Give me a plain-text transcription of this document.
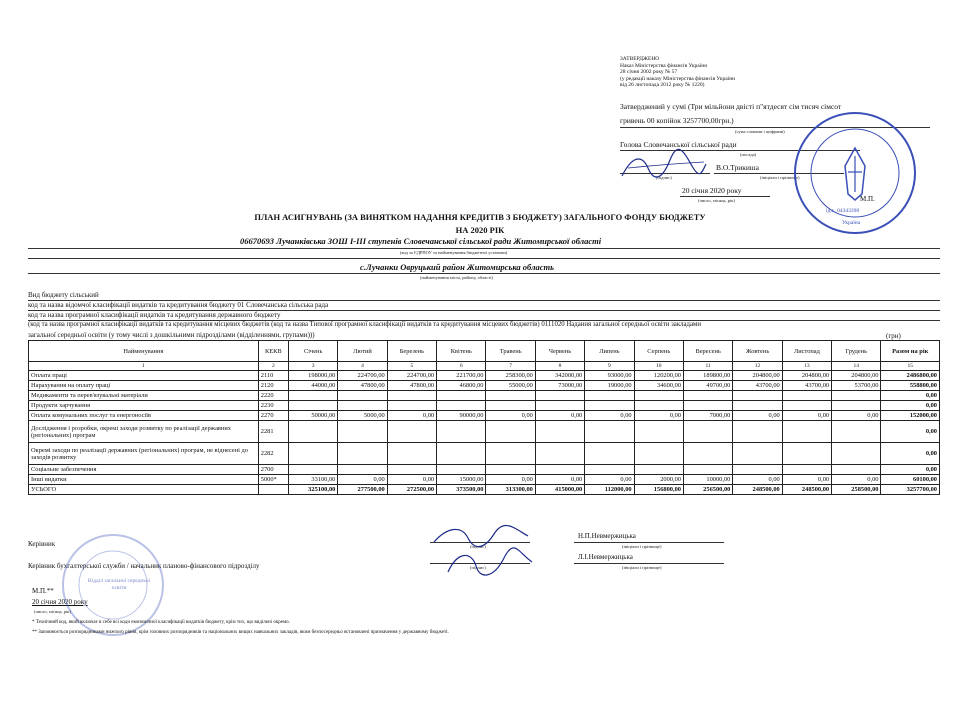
ЗАТВЕРДЖЕНО
Наказ Міністерства фінансів України
28 січня 2002 року № 57
(у редакції наказу Міністерства фінансів України
від 26 листопада 2012 року № 1220)
Затверджений у сумі (Три мільйони двісті п"ятдесят сім тисяч сімсот
гривень 00 копійок 3257700,00грн.)
(сума словами і цифрами)
Голова Словечанської сільської ради
(посада)
В.О.Трикиша
(підпис)	(ініціали і прізвище)
20 січня 2020 року
(число, місяць, рік)	М.П.
ід.к. 04343398
Україна
ПЛАН АСИГНУВАНЬ (ЗА ВИНЯТКОМ НАДАННЯ КРЕДИТІВ З БЮДЖЕТУ) ЗАГАЛЬНОГО ФОНДУ БЮДЖЕТУ
НА 2020 РІК
06670693 Лучанківська ЗОШ І-ІІІ ступенів Словечанської сільської ради Житомирської області
(код за ЄДРПОУ та найменування бюджетної установи)
с.Лучанки Овруцький район Житомирська область
(найменування міста, району, області)
Вид бюджету сільський
код та назва відомчої класифікації видатків та кредитування бюджету 01 Словечанська сільська рада
код та назва програмної класифікації видатків та кредитування державного бюджету
(код та назва програмної класифікації видатків та кредитування місцевих бюджетів (код та назва Типової програмної класифікації видатків та кредитування місцевих бюджетів) 0111020 Надання загальної середньої освіти закладами
загальної середньої освіти (у тому числі з дошкільними підрозділами (відділеннями, групами)))	(грн)
Найменування	КЕКВ	Січень	Лютий	Березень	Квітень	Травень	Червень	Липень	Серпень	Вересень	Жовтень	Листопад	Грудень	Разом на рік
1	2	3	4	5	6	7	8	9	10	11	12	13	14	15
Оплата праці	2110	198000,00	224700,00	224700,00	221700,00	258300,00	342000,00	93000,00	120200,00	189800,00	204800,00	204800,00	204800,00	2486800,00
Нарахування на оплату праці	2120	44000,00	47800,00	47800,00	46800,00	55000,00	73000,00	19000,00	34600,00	49700,00	43700,00	43700,00	53700,00	558800,00
Медикаменти та перев'язувальні матеріали	2220													0,00
Продукти харчування	2230													0,00
Оплата комунальних послуг та енергоносіїв	2270	50000,00	5000,00	0,00	90000,00	0,00	0,00	0,00	0,00	7000,00	0,00	0,00	0,00	152000,00
Дослідження і розробки, окремі заходи розвитку по реалізації державних (регіональних) програм	2281													0,00
Окремі заходи по реалізації державних (регіональних) програм, не віднесені до заходів розвитку	2282													0,00
Соціальне забезпечення	2700													0,00
Інші видатки	5000*	33100,00	0,00	0,00	15000,00	0,00	0,00	0,00	2000,00	10000,00	0,00	0,00	0,00	60100,00
УСЬОГО		325100,00	277500,00	272500,00	373500,00	313300,00	415000,00	112000,00	156800,00	256500,00	248500,00	248500,00	258500,00	3257700,00
Керівник
Н.П.Невмержицька
(підпис)	(ініціали і прізвище)
Керівник бухгалтерської служби / начальник планово-фінансового підрозділу
Л.І.Невмержицька
(підпис)	(ініціали і прізвище)
М.П.**
20 січня 2020 року
(число, місяць, рік)
Відділ загальної середньої освіти
* Технічний код, який включає в себе всі коди економічної класифікації видатків бюджету, крім тих, що виділені окремо.
** Заповнюється розпорядниками нижчого рівня, крім головних розпорядників та національних вищих навчальних закладів, яким безпосередньо встановлені призначення у державному бюджеті.
